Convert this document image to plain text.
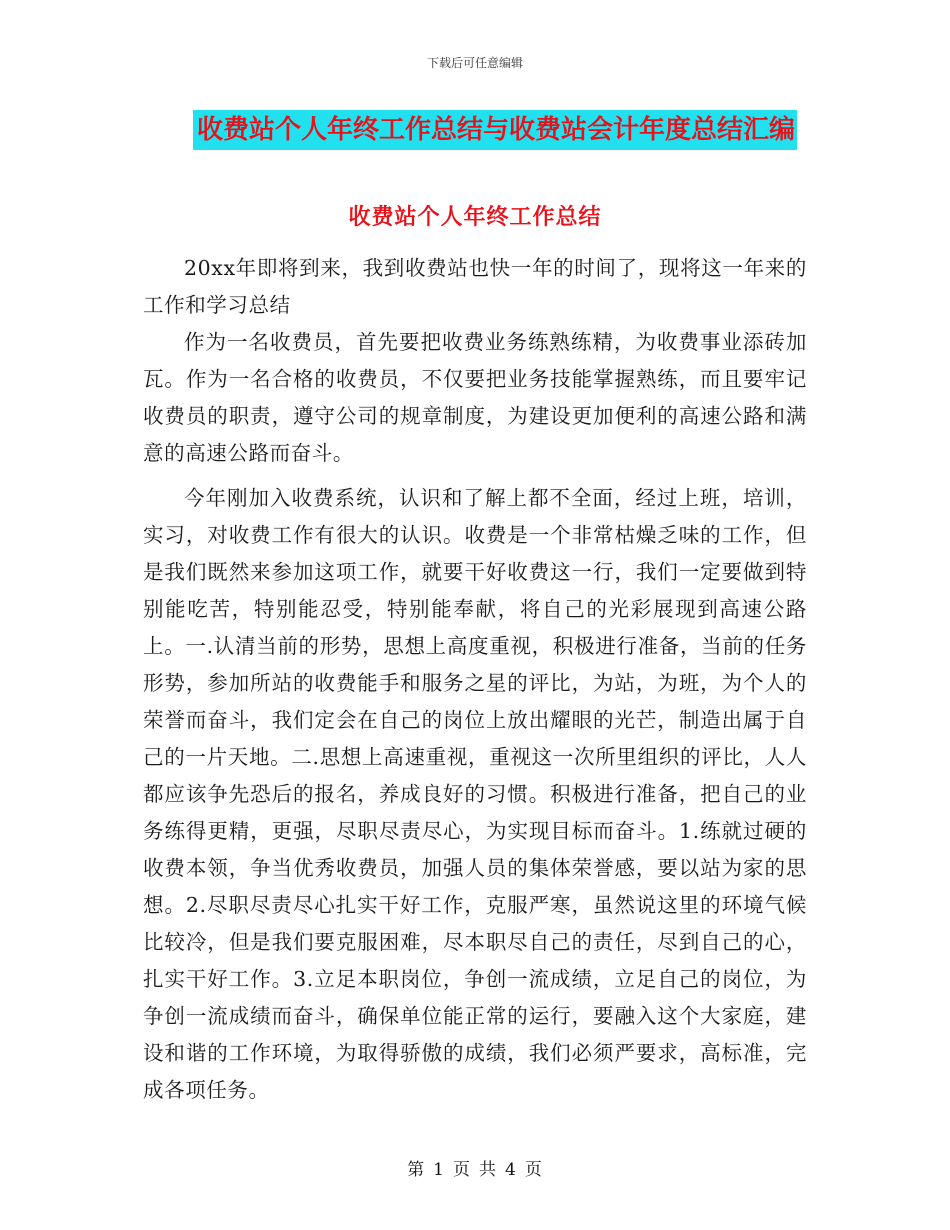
下载后可任意编辑
收费站个人年终工作总结与收费站会计年度总结汇编
收费站个人年终工作总结

20xx年即将到来，我到收费站也快一年的时间了，现将这一年来的工作和学习总结

作为一名收费员，首先要把收费业务练熟练精，为收费事业添砖加瓦。作为一名合格的收费员，不仅要把业务技能掌握熟练，而且要牢记收费员的职责，遵守公司的规章制度，为建设更加便利的高速公路和满意的高速公路而奋斗。

今年刚加入收费系统，认识和了解上都不全面，经过上班，培训，实习，对收费工作有很大的认识。收费是一个非常枯燥乏味的工作，但是我们既然来参加这项工作，就要干好收费这一行，我们一定要做到特别能吃苦，特别能忍受，特别能奉献，将自己的光彩展现到高速公路上。一.认清当前的形势，思想上高度重视，积极进行准备，当前的任务形势，参加所站的收费能手和服务之星的评比，为站，为班，为个人的荣誉而奋斗，我们定会在自己的岗位上放出耀眼的光芒，制造出属于自己的一片天地。二.思想上高速重视，重视这一次所里组织的评比，人人都应该争先恐后的报名，养成良好的习惯。积极进行准备，把自己的业务练得更精，更强，尽职尽责尽心，为实现目标而奋斗。1.练就过硬的收费本领，争当优秀收费员，加强人员的集体荣誉感，要以站为家的思想。2.尽职尽责尽心扎实干好工作，克服严寒，虽然说这里的环境气候比较冷，但是我们要克服困难，尽本职尽自己的责任，尽到自己的心，扎实干好工作。3.立足本职岗位，争创一流成绩，立足自己的岗位，为争创一流成绩而奋斗，确保单位能正常的运行，要融入这个大家庭，建设和谐的工作环境，为取得骄傲的成绩，我们必须严要求，高标准，完成各项任务。

第 1 页 共 4 页
